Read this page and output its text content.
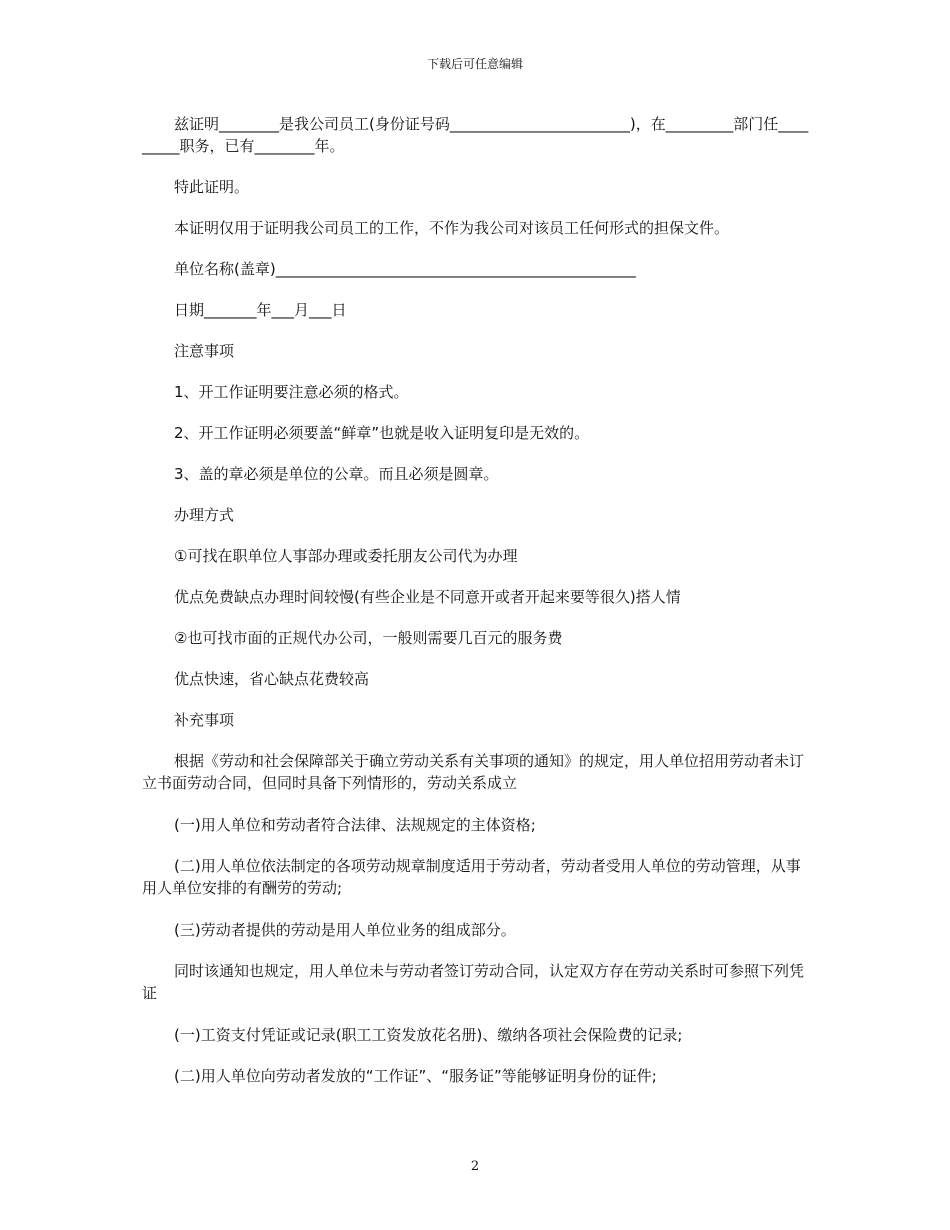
下载后可任意编辑

兹证明________是我公司员工(身份证号码________________________)，在_________部门任_________职务，已有________年。

特此证明。

本证明仅用于证明我公司员工的工作，不作为我公司对该员工任何形式的担保文件。

单位名称(盖章)________________________________________________

日期_______年___月___日

注意事项

1、开工作证明要注意必须的格式。

2、开工作证明必须要盖“鲜章”也就是收入证明复印是无效的。

3、盖的章必须是单位的公章。而且必须是圆章。

办理方式

①可找在职单位人事部办理或委托朋友公司代为办理

优点免费缺点办理时间较慢(有些企业是不同意开或者开起来要等很久)搭人情

②也可找市面的正规代办公司，一般则需要几百元的服务费

优点快速，省心缺点花费较高

补充事项

根据《劳动和社会保障部关于确立劳动关系有关事项的通知》的规定，用人单位招用劳动者未订立书面劳动合同，但同时具备下列情形的，劳动关系成立

(一)用人单位和劳动者符合法律、法规规定的主体资格;

(二)用人单位依法制定的各项劳动规章制度适用于劳动者，劳动者受用人单位的劳动管理，从事用人单位安排的有酬劳的劳动;

(三)劳动者提供的劳动是用人单位业务的组成部分。

同时该通知也规定，用人单位未与劳动者签订劳动合同，认定双方存在劳动关系时可参照下列凭证

(一)工资支付凭证或记录(职工工资发放花名册)、缴纳各项社会保险费的记录;

(二)用人单位向劳动者发放的“工作证”、“服务证”等能够证明身份的证件;

2
